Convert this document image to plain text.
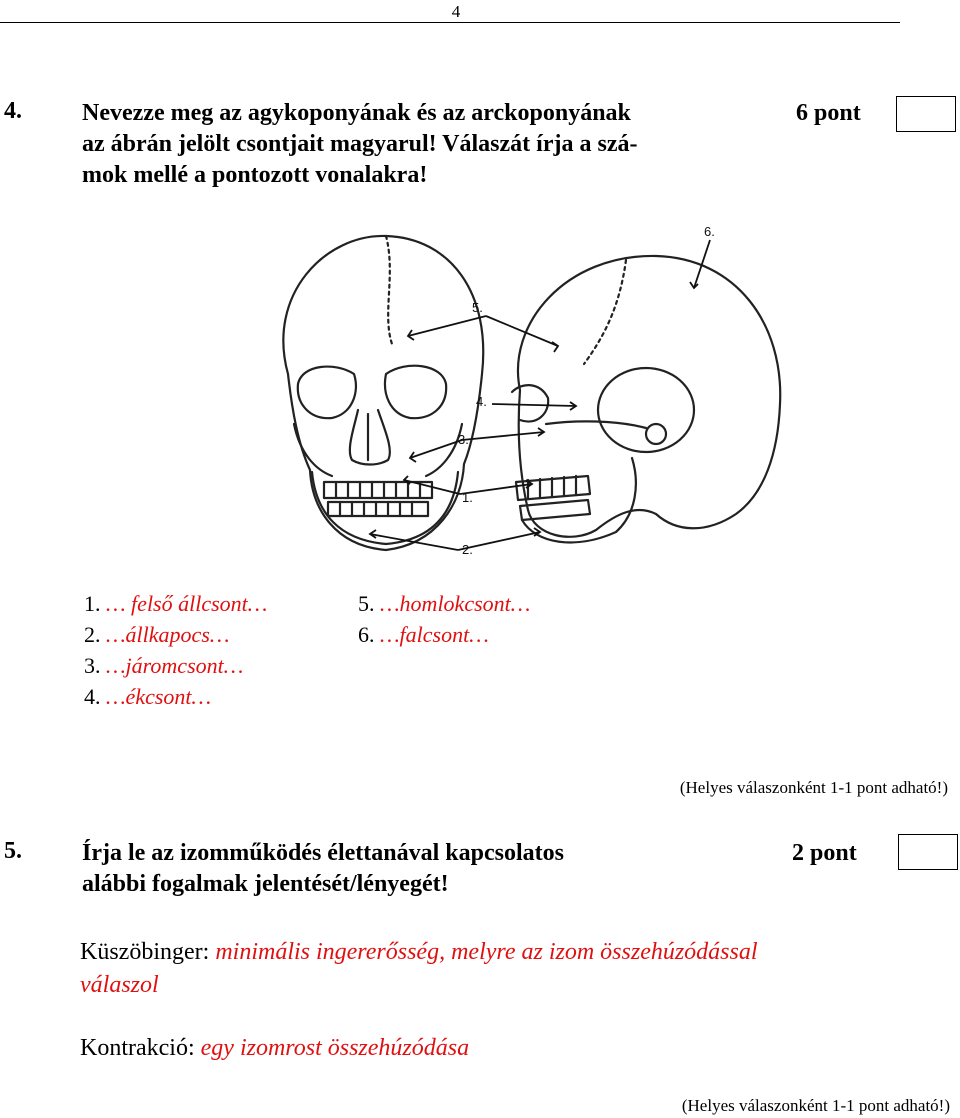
4
4.	Nevezze meg az agykoponyának és az arckoponyának
az ábrán jelölt csontjait magyarul! Válaszát írja a szá-
mok mellé a pontozott vonalakra!
6 pont
5.
6.
4.
3.
1.
2.
1. … felső állcsont…
2. …állkapocs…
3. …járomcsont…
4. …ékcsont…
5. …homlokcsont…
6. …falcsont…
(Helyes válaszonként 1-1 pont adható!)
5.	Írja le az izomműködés élettanával kapcsolatos
alábbi fogalmak jelentését/lényegét!
2 pont
Küszöbinger: minimális ingererősség, melyre az izom összehúzódással
válaszol
Kontrakció: egy izomrost összehúzódása
(Helyes válaszonként 1-1 pont adható!)
